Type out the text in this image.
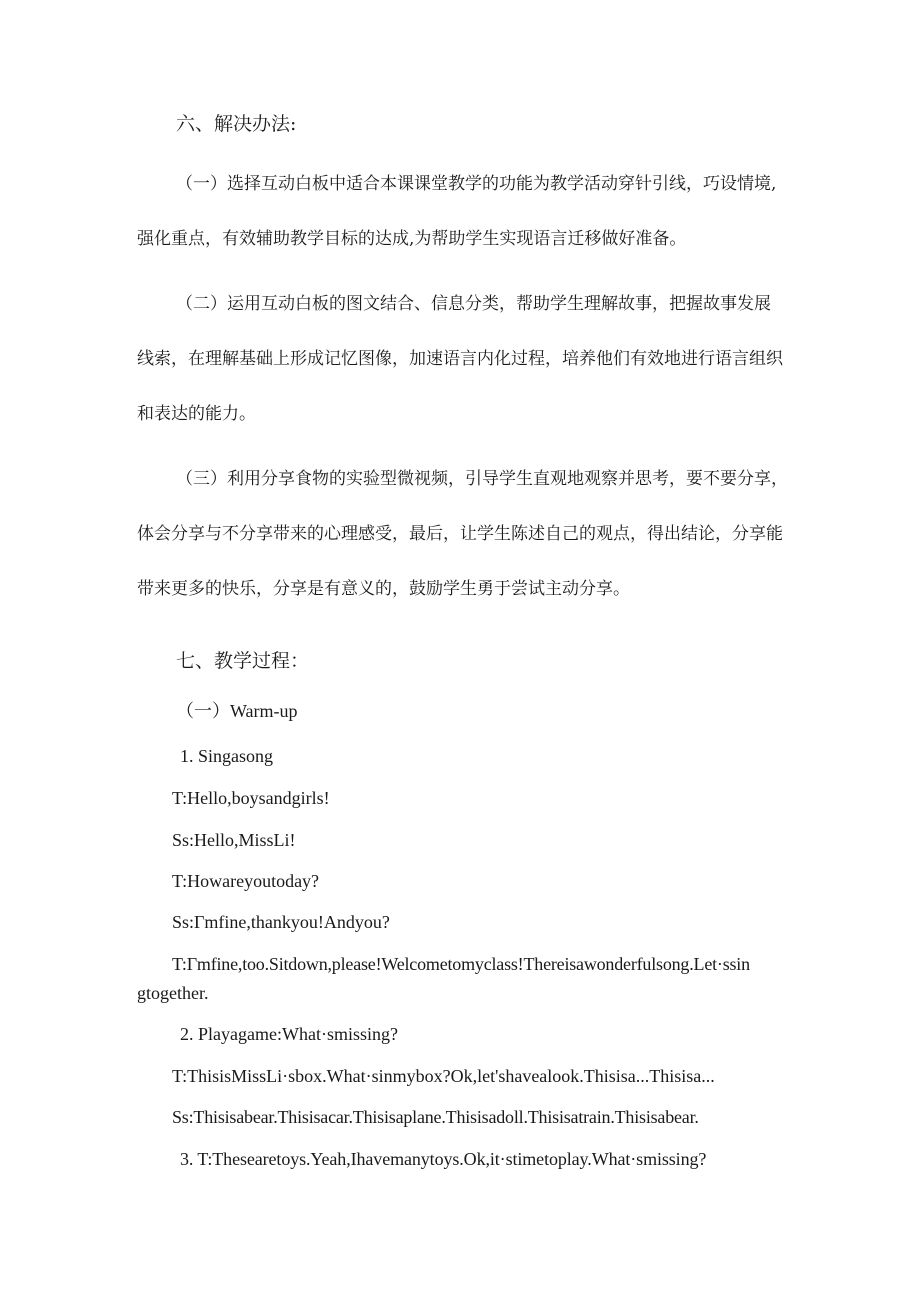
六、解决办法:

（一）选择互动白板中适合本课课堂教学的功能为教学活动穿针引线，巧设情境,

强化重点，有效辅助教学目标的达成,为帮助学生实现语言迁移做好准备。

（二）运用互动白板的图文结合、信息分类，帮助学生理解故事，把握故事发展

线索，在理解基础上形成记忆图像，加速语言内化过程，培养他们有效地进行语言组织

和表达的能力。

（三）利用分享食物的实验型微视频，引导学生直观地观察并思考，要不要分享，

体会分享与不分享带来的心理感受，最后，让学生陈述自己的观点，得出结论，分享能

带来更多的快乐，分享是有意义的，鼓励学生勇于尝试主动分享。

七、教学过程：

（一）Warm-up

1. Singasong

T:Hello,boysandgirls!

Ss:Hello,MissLi!

T:Howareyoutoday?

Ss:Γmfine,thankyou!Andyou?

T:Γmfine,too.Sitdown,please!Welcometomyclass!Thereisawonderfulsong.Let·ssin

gtogether.

2. Playagame:What·smissing?

T:ThisisMissLi·sbox.What·sinmybox?Ok,let'shavealook.Thisisa...Thisisa...

Ss:Thisisabear.Thisisacar.Thisisaplane.Thisisadoll.Thisisatrain.Thisisabear.

3. T:Thesearetoys.Yeah,Ihavemanytoys.Ok,it·stimetoplay.What·smissing?
